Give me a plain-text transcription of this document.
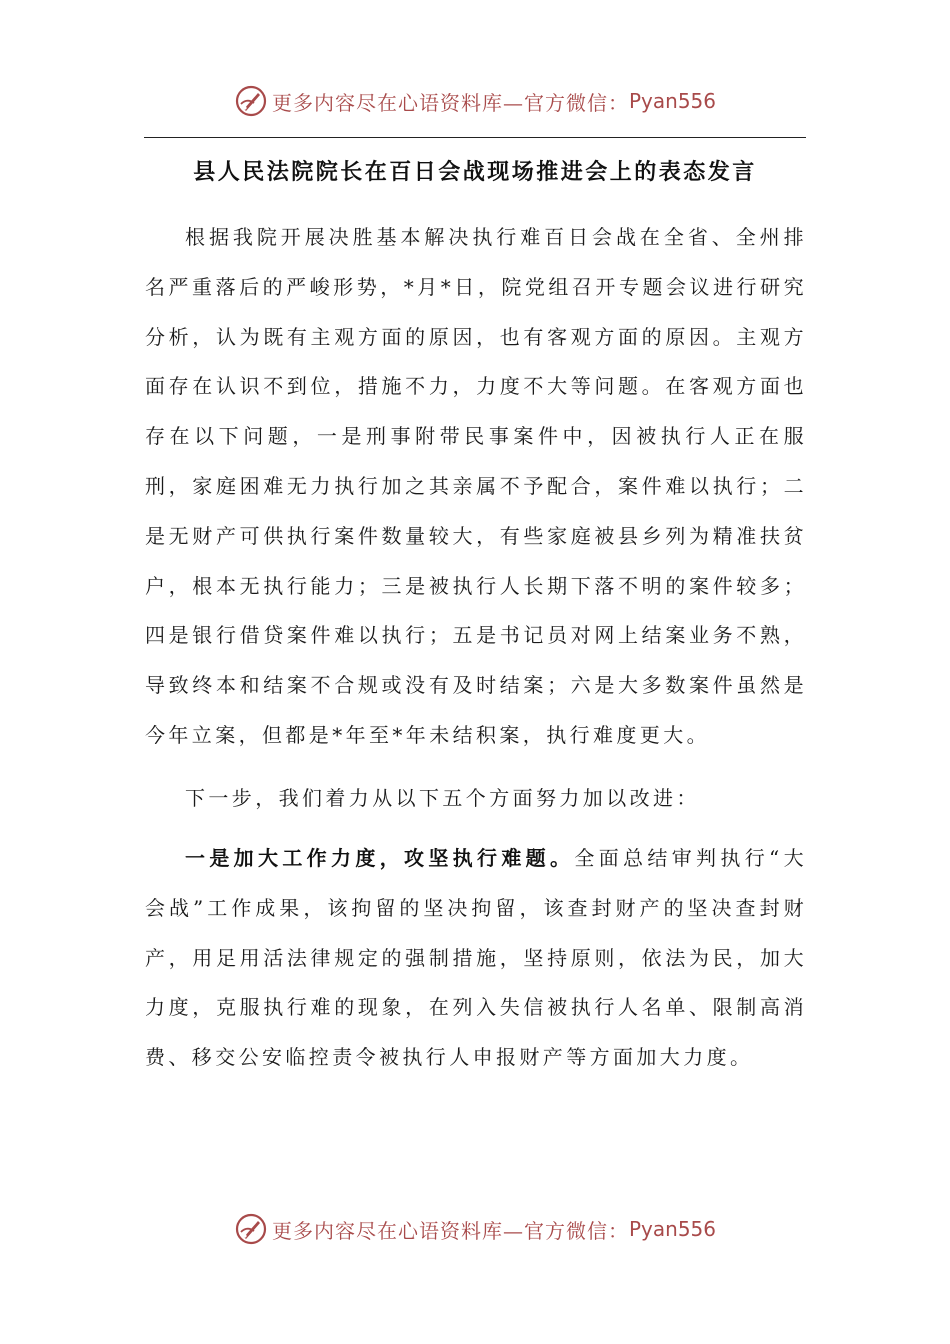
更多内容尽在心语资料库—官方微信： Pyan556
县人民法院院长在百日会战现场推进会上的表态发言

根据我院开展决胜基本解决执行难百日会战在全省、全州排名严重落后的严峻形势，*月*日，院党组召开专题会议进行研究分析，认为既有主观方面的原因，也有客观方面的原因。主观方面存在认识不到位，措施不力，力度不大等问题。在客观方面也存在以下问题，一是刑事附带民事案件中，因被执行人正在服刑，家庭困难无力执行加之其亲属不予配合，案件难以执行；二是无财产可供执行案件数量较大，有些家庭被县乡列为精准扶贫户，根本无执行能力；三是被执行人长期下落不明的案件较多；四是银行借贷案件难以执行；五是书记员对网上结案业务不熟，导致终本和结案不合规或没有及时结案；六是大多数案件虽然是今年立案，但都是*年至*年未结积案，执行难度更大。

下一步，我们着力从以下五个方面努力加以改进：

一是加大工作力度，攻坚执行难题。全面总结审判执行“大会战”工作成果，该拘留的坚决拘留，该查封财产的坚决查封财产，用足用活法律规定的强制措施，坚持原则，依法为民，加大力度，克服执行难的现象，在列入失信被执行人名单、限制高消费、移交公安临控责令被执行人申报财产等方面加大力度。

更多内容尽在心语资料库—官方微信： Pyan556
